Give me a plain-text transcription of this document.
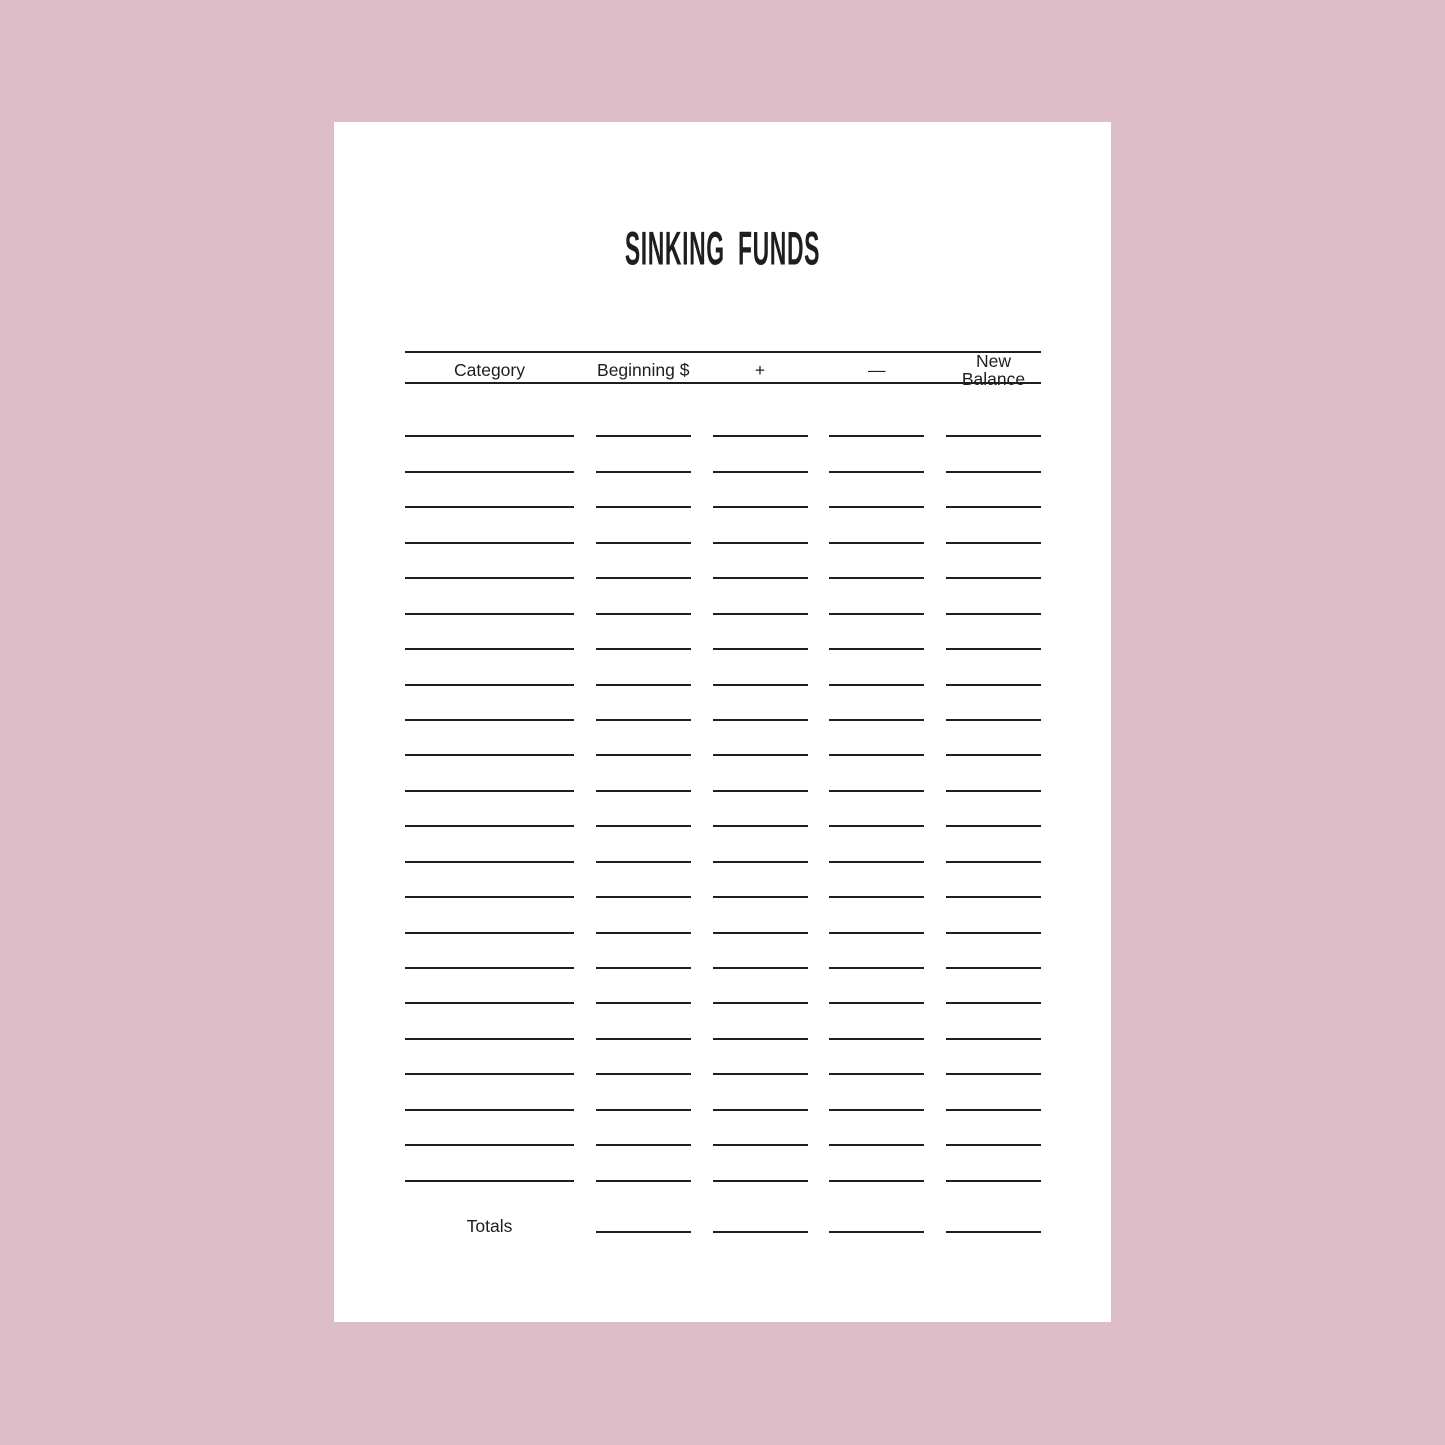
SINKING FUNDS
Category	Beginning $	+	—	New Balance
Totals
